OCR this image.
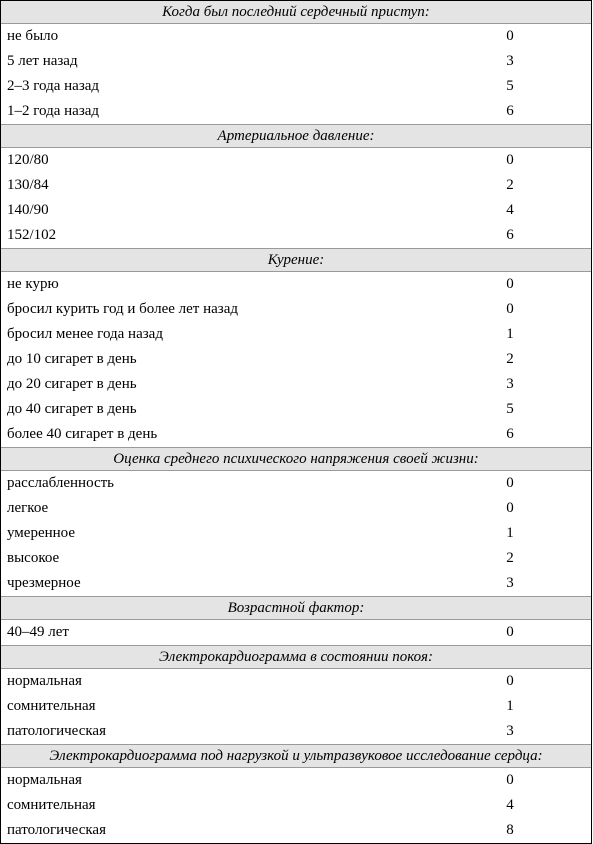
Когда был последний сердечный приступ:
не было	0
5 лет назад	3
2–3 года назад	5
1–2 года назад	6
Артериальное давление:
120/80	0
130/84	2
140/90	4
152/102	6
Курение:
не курю	0
бросил курить год и более лет назад	0
бросил менее года назад	1
до 10 сигарет в день	2
до 20 сигарет в день	3
до 40 сигарет в день	5
более 40 сигарет в день	6
Оценка среднего психического напряжения своей жизни:
расслабленность	0
легкое	0
умеренное	1
высокое	2
чрезмерное	3
Возрастной фактор:
40–49 лет	0
Электрокардиограмма в состоянии покоя:
нормальная	0
сомнительная	1
патологическая	3
Электрокардиограмма под нагрузкой и ультразвуковое исследование сердца:
нормальная	0
сомнительная	4
патологическая	8
